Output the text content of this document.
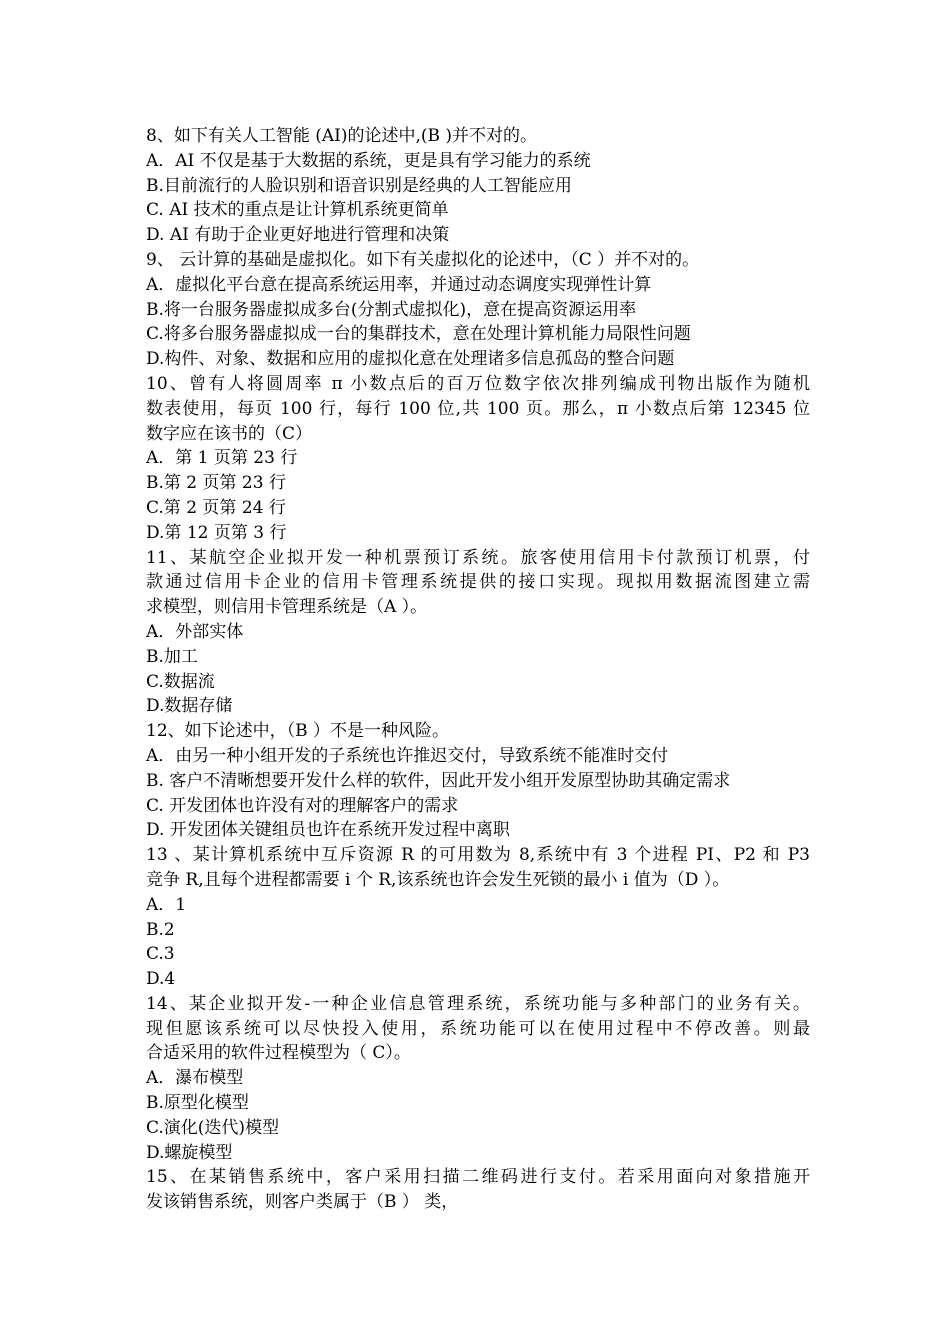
8、如下有关人工智能 (AI)的论述中,(B )并不对的。
A．AI 不仅是基于大数据的系统，更是具有学习能力的系统
B.目前流行的人脸识别和语音识别是经典的人工智能应用
C. AI 技术的重点是让计算机系统更简单
D. AI 有助于企业更好地进行管理和决策
9、 云计算的基础是虚拟化。如下有关虚拟化的论述中，（C ）并不对的。
A．虚拟化平台意在提高系统运用率，并通过动态调度实现弹性计算
B.将一台服务器虚拟成多台(分割式虚拟化)，意在提高资源运用率
C.将多台服务器虚拟成一台的集群技术，意在处理计算机能力局限性问题
D.构件、对象、数据和应用的虚拟化意在处理诸多信息孤岛的整合问题
10、曾有人将圆周率 π 小数点后的百万位数字依次排列编成刊物出版作为随机
数表使用，每页 100 行，每行 100 位,共 100 页。那么，π 小数点后第 12345 位
数字应在该书的（C）
A．第 1 页第 23 行
B.第 2 页第 23 行
C.第 2 页第 24 行
D.第 12 页第 3 行
11、某航空企业拟开发一种机票预订系统。旅客使用信用卡付款预订机票，付
款通过信用卡企业的信用卡管理系统提供的接口实现。现拟用数据流图建立需
求模型，则信用卡管理系统是（A ）。
A．外部实体
B.加工
C.数据流
D.数据存储
12、如下论述中，（B ）不是一种风险。
A．由另一种小组开发的子系统也许推迟交付，导致系统不能准时交付
B. 客户不清晰想要开发什么样的软件，因此开发小组开发原型协助其确定需求
C. 开发团体也许没有对的理解客户的需求
D. 开发团体关键组员也许在系统开发过程中离职
13 、某计算机系统中互斥资源 R 的可用数为 8,系统中有 3 个进程 PI、P2 和 P3
竞争 R,且每个进程都需要 i 个 R,该系统也许会发生死锁的最小 i 值为（D ）。
A．1
B.2
C.3
D.4
14、某企业拟开发-一种企业信息管理系统，系统功能与多种部门的业务有关。
现但愿该系统可以尽快投入使用，系统功能可以在使用过程中不停改善。则最
合适采用的软件过程模型为（ C）。
A．瀑布模型
B.原型化模型
C.演化(迭代)模型
D.螺旋模型
15、在某销售系统中，客户采用扫描二维码进行支付。若采用面向对象措施开
发该销售系统，则客户类属于（B ） 类，
